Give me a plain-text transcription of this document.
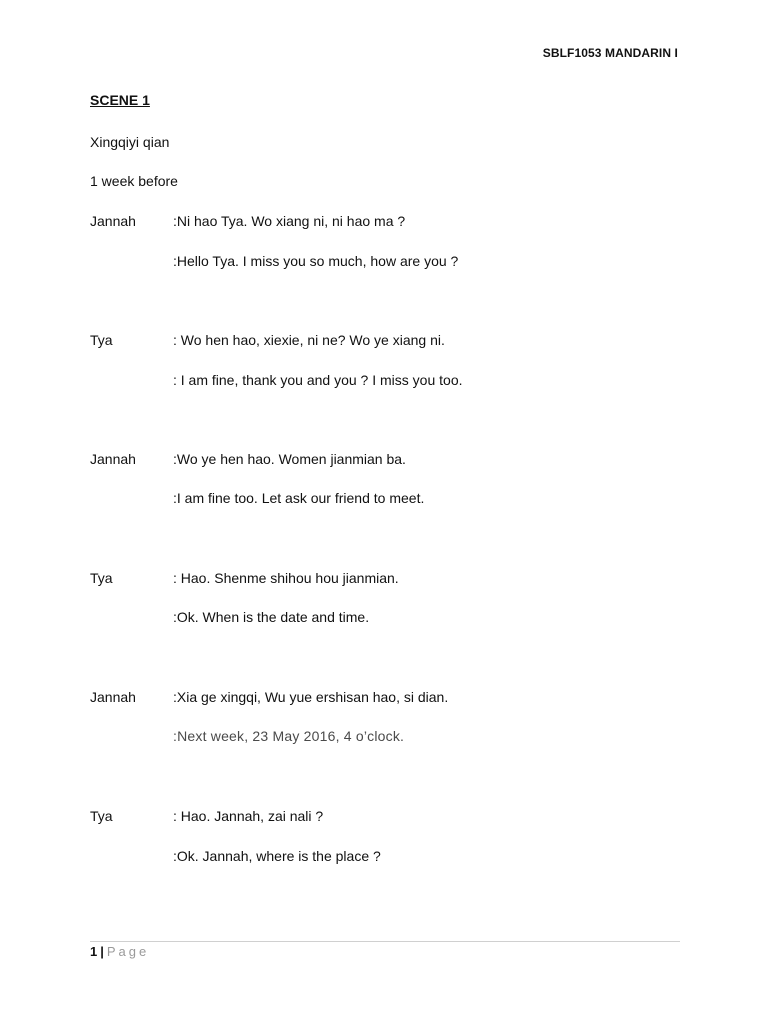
SBLF1053 MANDARIN I
SCENE 1
Xingqiyi qian
1 week before
Jannah	:Ni hao Tya. Wo xiang ni, ni hao ma ?
:Hello Tya. I miss you so much, how are you ?
Tya	: Wo hen hao, xiexie, ni ne? Wo ye xiang ni.
: I am fine, thank you and you ? I miss you too.
Jannah	:Wo ye hen hao. Women jianmian ba.
:I am fine too. Let ask our friend to meet.
Tya	: Hao. Shenme shihou hou jianmian.
:Ok. When is the date and time.
Jannah	:Xia ge xingqi, Wu yue ershisan hao, si dian.
:Next week, 23 May 2016, 4 o’clock.
Tya	: Hao. Jannah, zai nali ?
:Ok. Jannah, where is the place ?
1 | Page
